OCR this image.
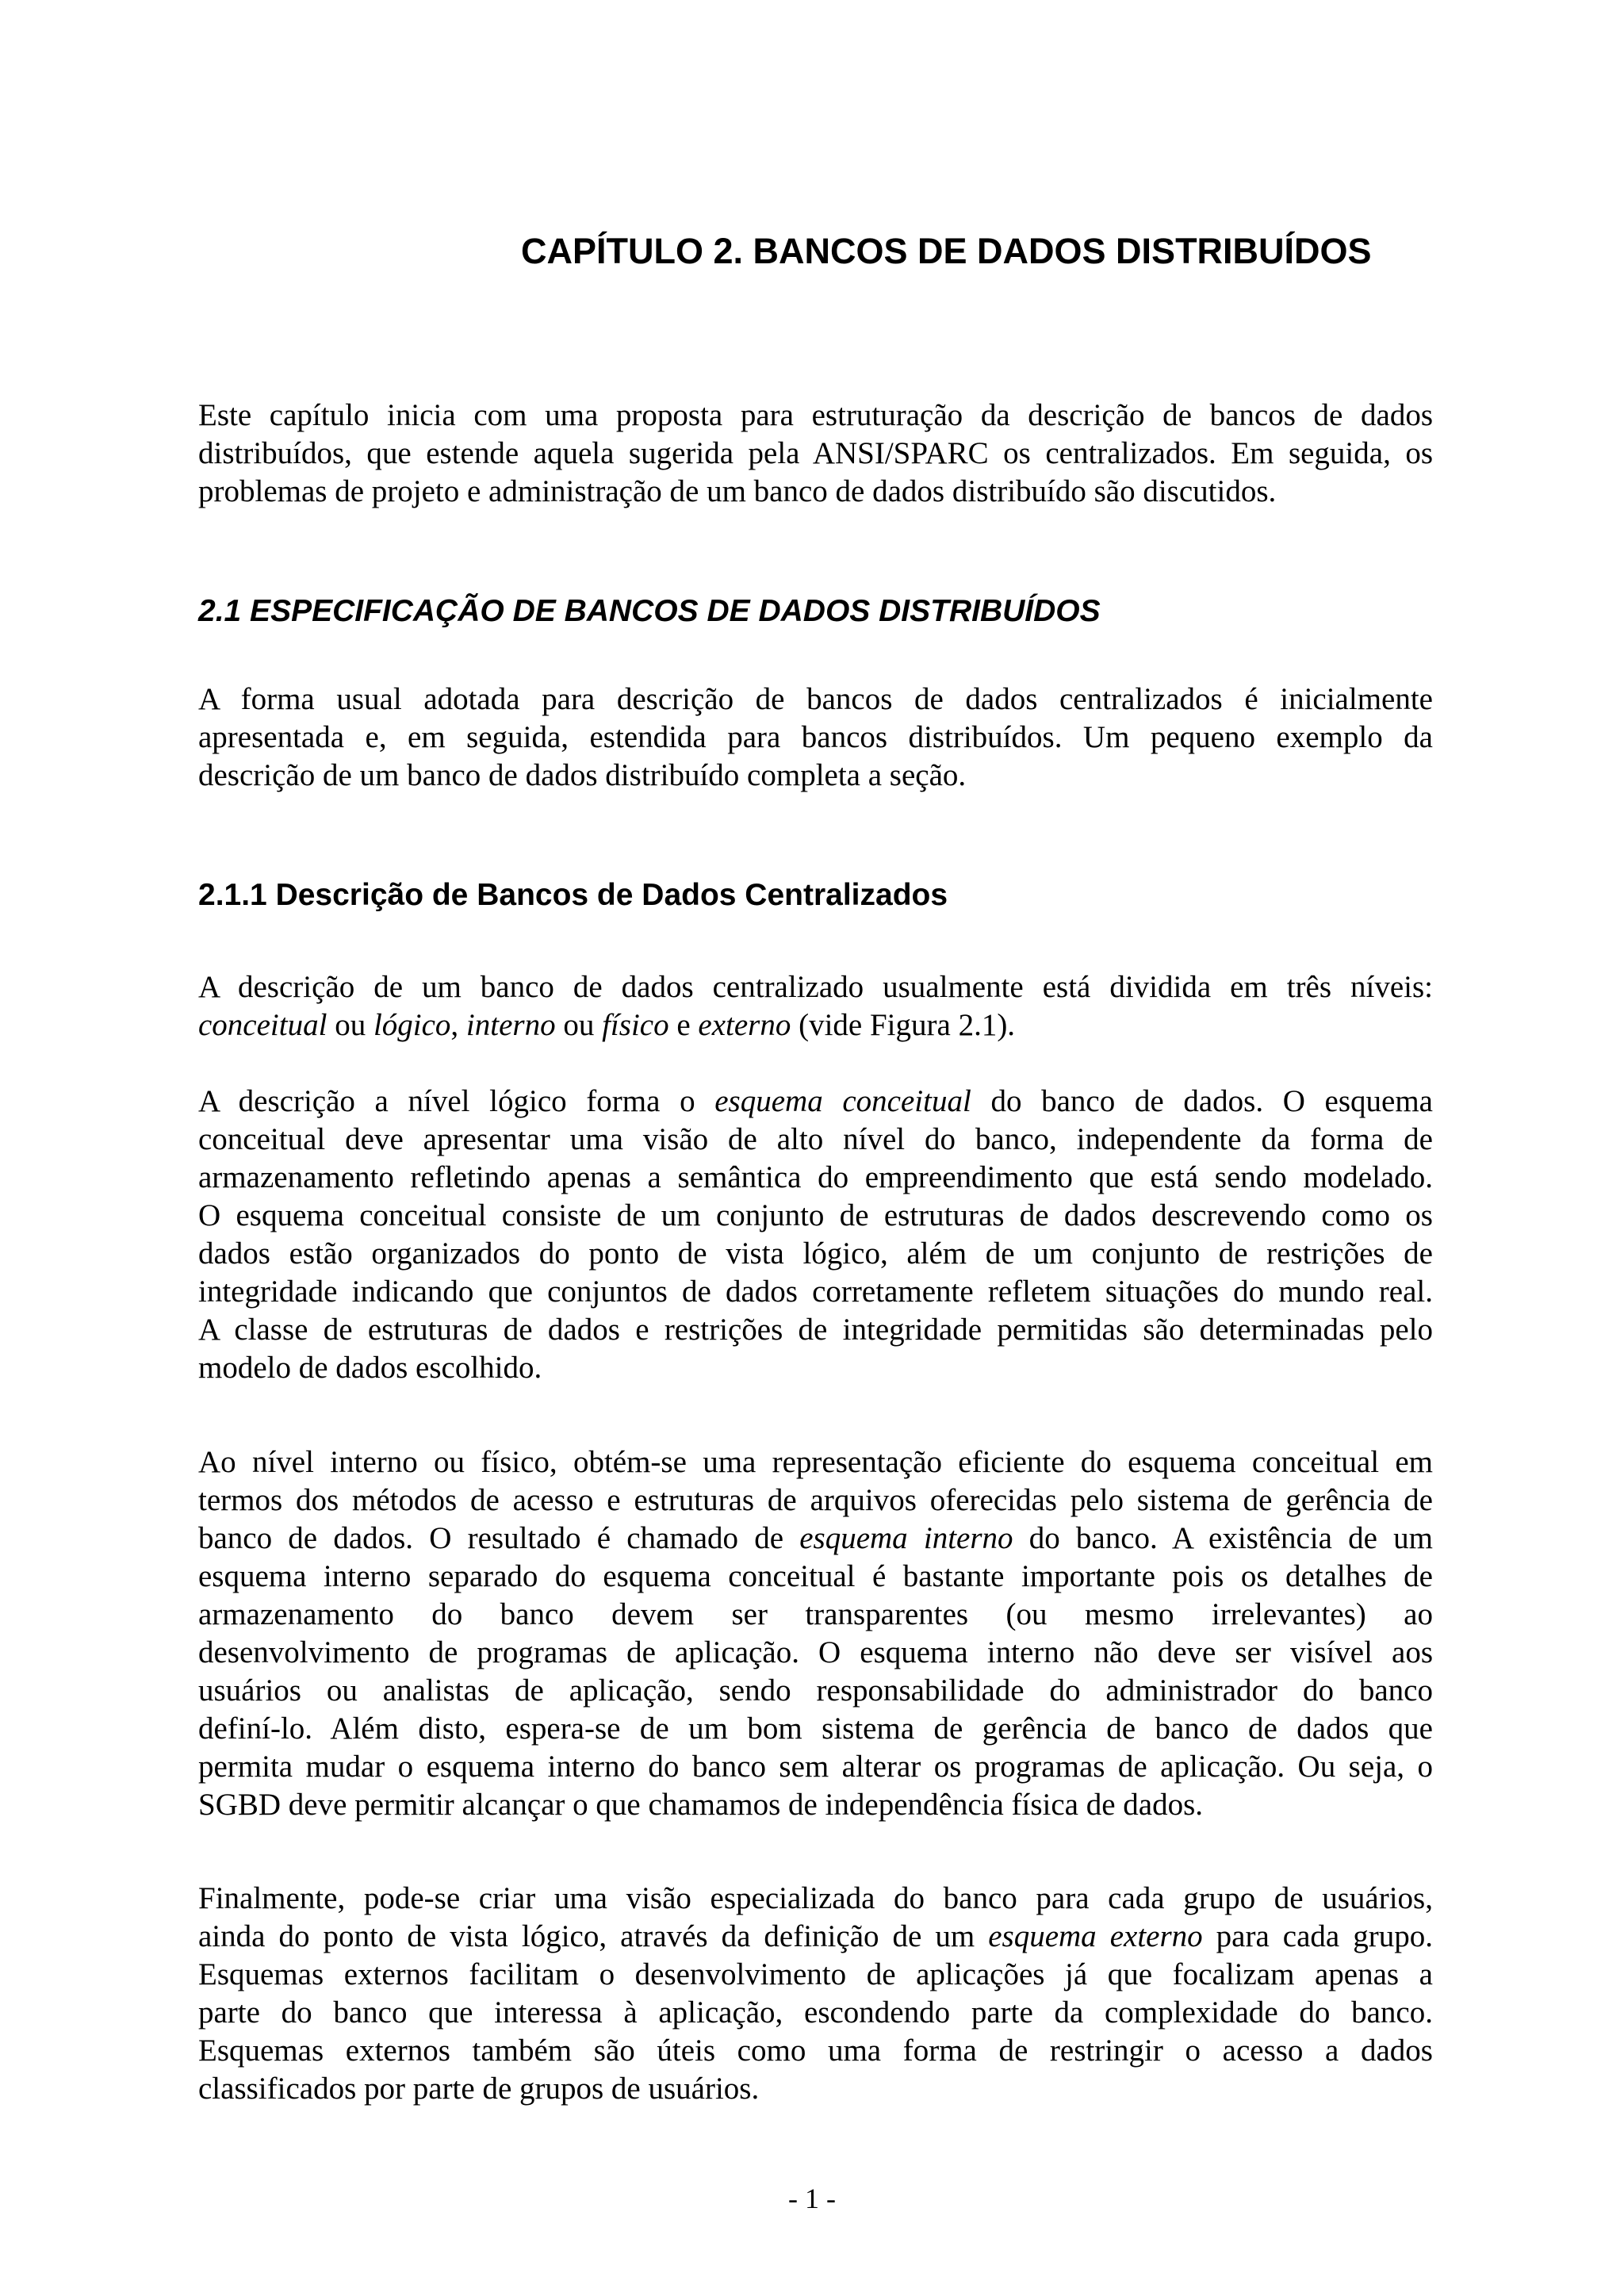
CAPÍTULO 2. BANCOS DE DADOS DISTRIBUÍDOS
Este capítulo inicia com uma proposta para estruturação da descrição de bancos de dados
distribuídos, que estende aquela sugerida pela ANSI/SPARC os centralizados. Em seguida, os
problemas de projeto e administração de um banco de dados distribuído são discutidos.
2.1 ESPECIFICAÇÃO DE BANCOS DE DADOS DISTRIBUÍDOS
A forma usual adotada para descrição de bancos de dados centralizados é inicialmente
apresentada e, em seguida, estendida para bancos distribuídos. Um pequeno exemplo da
descrição de um banco de dados distribuído completa a seção.
2.1.1 Descrição de Bancos de Dados Centralizados
A descrição de um banco de dados centralizado usualmente está dividida em três níveis:
conceitual ou lógico, interno ou físico e externo (vide Figura 2.1).
A descrição a nível lógico forma o esquema conceitual do banco de dados. O esquema
conceitual deve apresentar uma visão de alto nível do banco, independente da forma de
armazenamento refletindo apenas a semântica do empreendimento que está sendo modelado.
O esquema conceitual consiste de um conjunto de estruturas de dados descrevendo como os
dados estão organizados do ponto de vista lógico, além de um conjunto de restrições de
integridade indicando que conjuntos de dados corretamente refletem situações do mundo real.
A classe de estruturas de dados e restrições de integridade permitidas são determinadas pelo
modelo de dados escolhido.
Ao nível interno ou físico, obtém-se uma representação eficiente do esquema conceitual em
termos dos métodos de acesso e estruturas de arquivos oferecidas pelo sistema de gerência de
banco de dados. O resultado é chamado de esquema interno do banco. A existência de um
esquema interno separado do esquema conceitual é bastante importante pois os detalhes de
armazenamento do banco devem ser transparentes (ou mesmo irrelevantes) ao
desenvolvimento de programas de aplicação. O esquema interno não deve ser visível aos
usuários ou analistas de aplicação, sendo responsabilidade do administrador do banco
definí-lo. Além disto, espera-se de um bom sistema de gerência de banco de dados que
permita mudar o esquema interno do banco sem alterar os programas de aplicação. Ou seja, o
SGBD deve permitir alcançar o que chamamos de independência física de dados.
Finalmente, pode-se criar uma visão especializada do banco para cada grupo de usuários,
ainda do ponto de vista lógico, através da definição de um esquema externo para cada grupo.
Esquemas externos facilitam o desenvolvimento de aplicações já que focalizam apenas a
parte do banco que interessa à aplicação, escondendo parte da complexidade do banco.
Esquemas externos também são úteis como uma forma de restringir o acesso a dados
classificados por parte de grupos de usuários.
- 1 -
